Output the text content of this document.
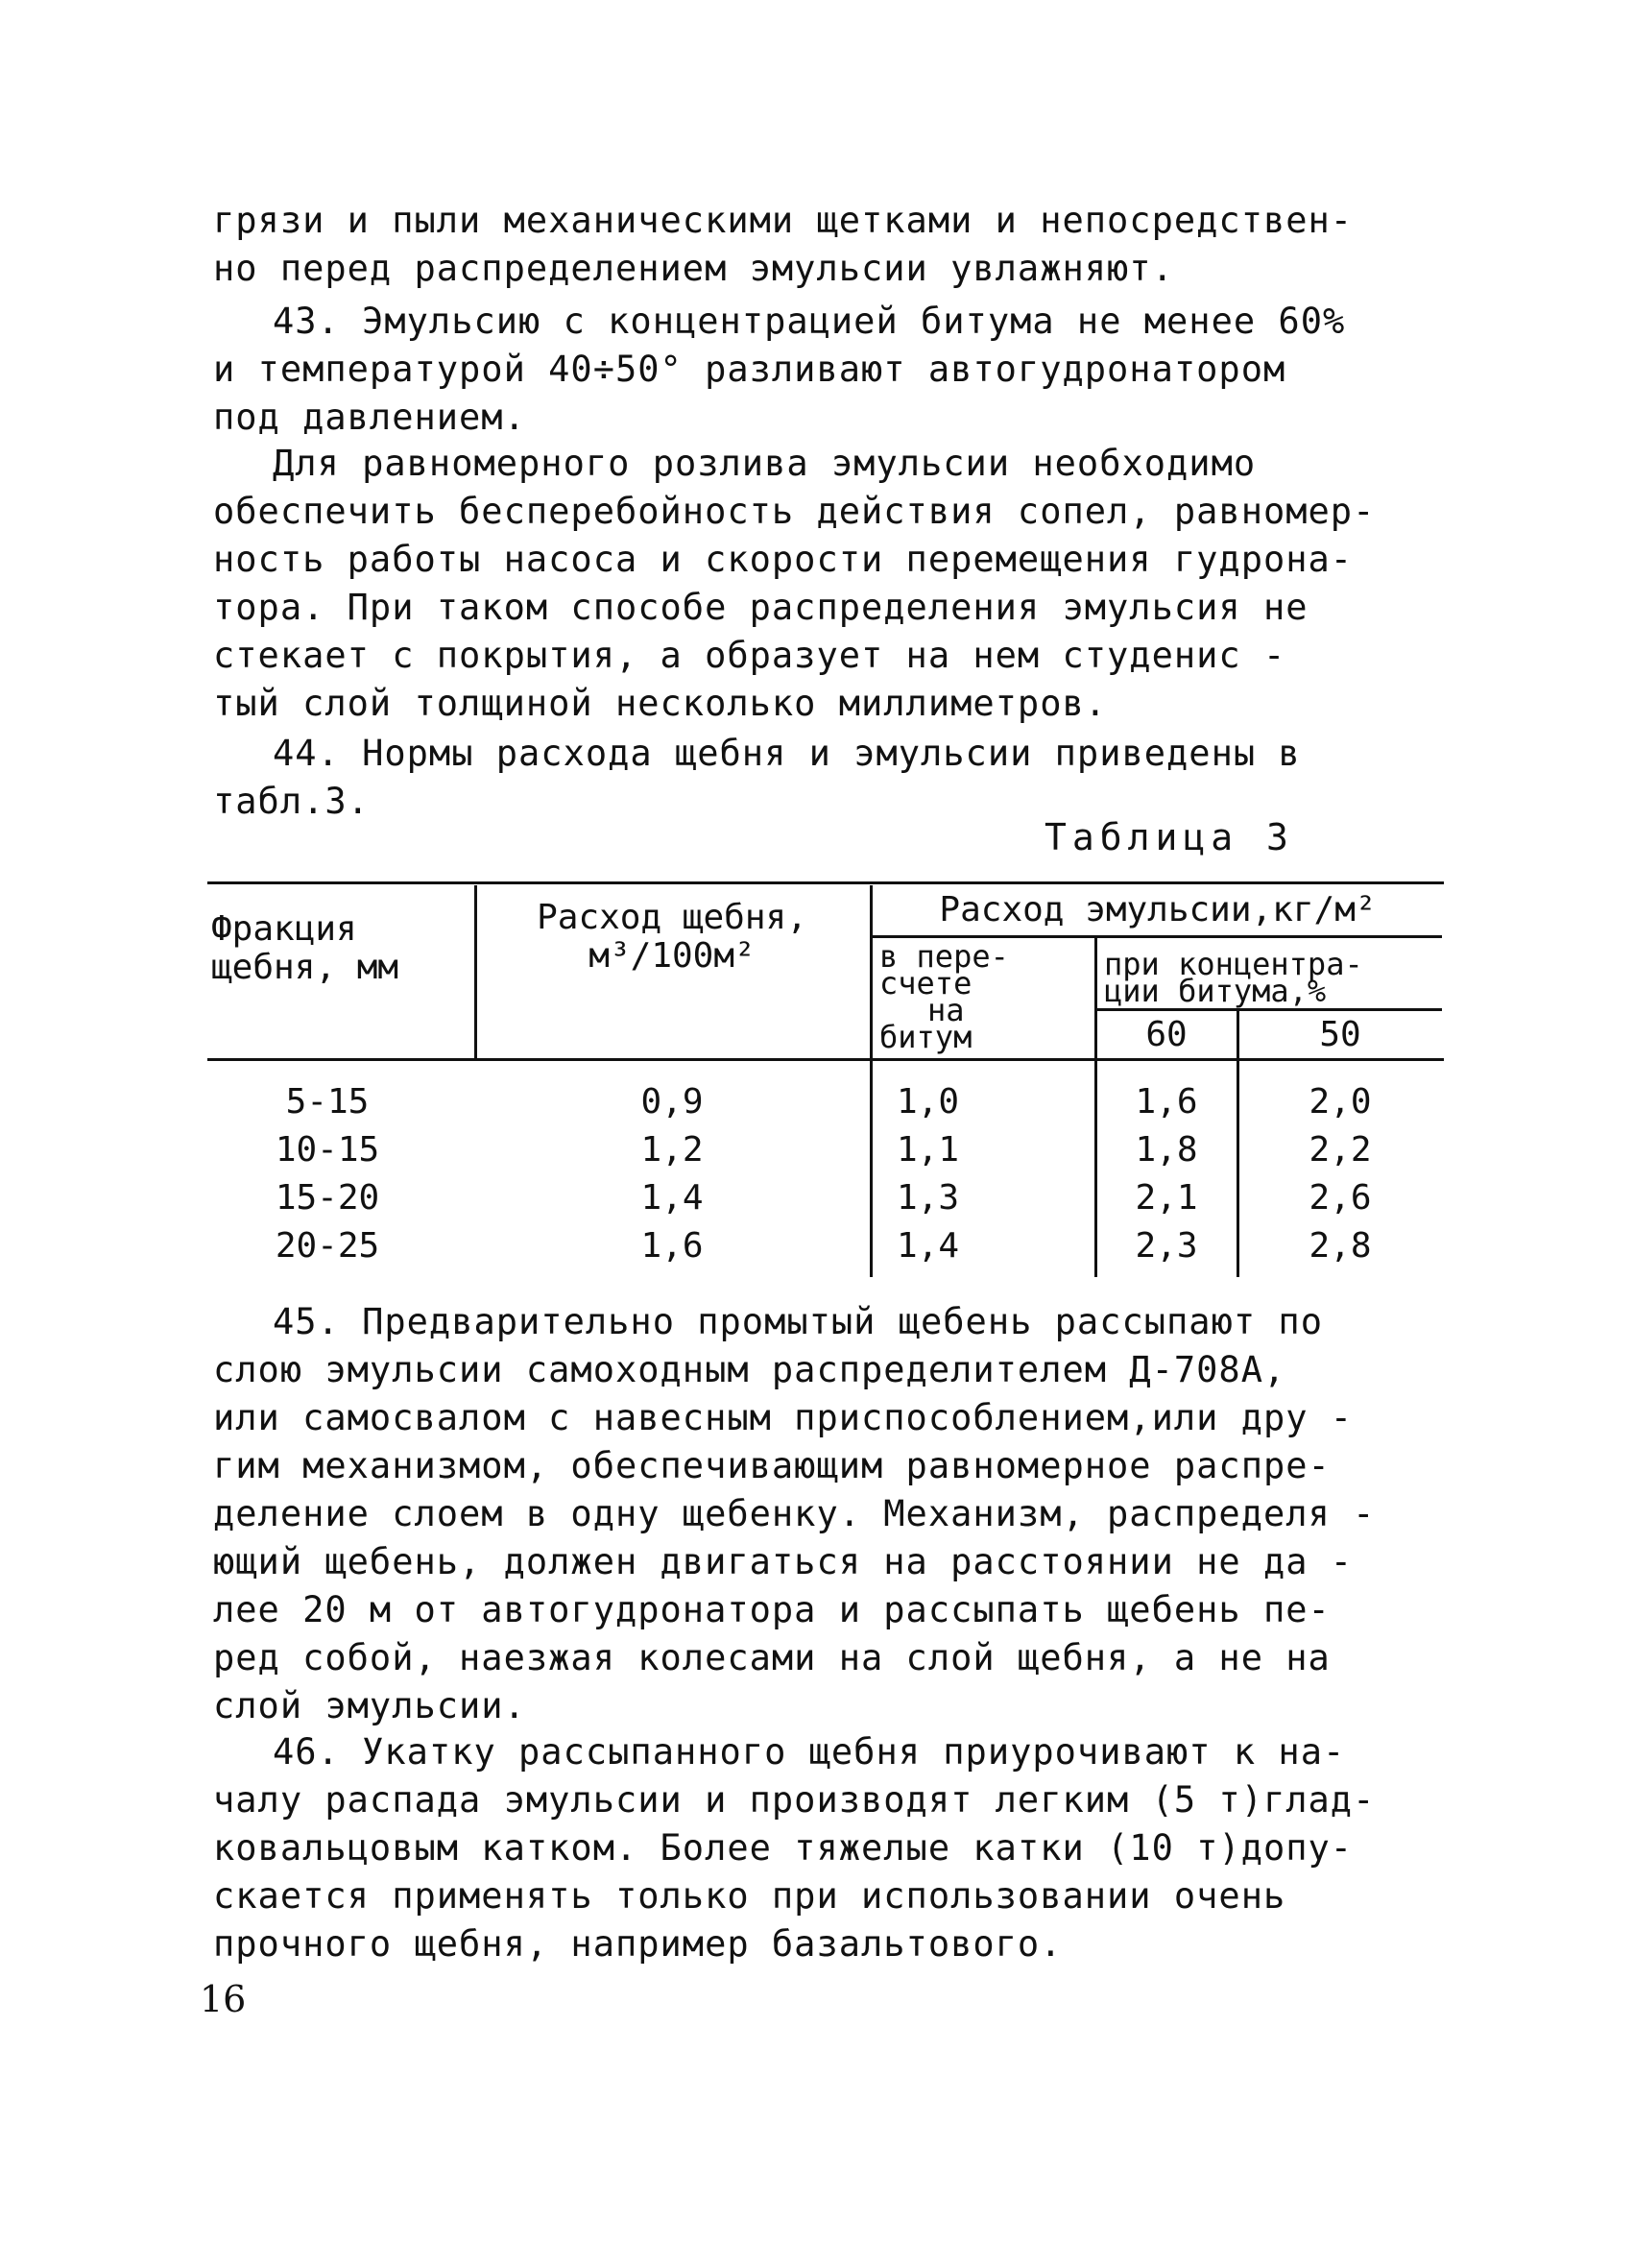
грязи и пыли механическими щетками и непосредствен-
но перед распределением эмульсии увлажняют.
43. Эмульсию с концентрацией битума не менее 60%
и температурой 40÷50° разливают автогудронатором
под давлением.
Для равномерного розлива эмульсии необходимо
обеспечить бесперебойность действия сопел, равномер-
ность работы насоса и скорости перемещения гудрона-
тора. При таком способе распределения эмульсия не
стекает с покрытия, а образует на нем студенис -
тый слой толщиной несколько миллиметров.
44. Нормы расхода щебня и эмульсии приведены в
табл.3.
Таблица 3
Фракция
щебня, мм
Расход щебня,
м³/100м²
Расход эмульсии,кг/м²
в пере-
счете
на
битум
при концентра-
ции битума,%
60	50
5-15	0,9	1,0	1,6	2,0
10-15	1,2	1,1	1,8	2,2
15-20	1,4	1,3	2,1	2,6
20-25	1,6	1,4	2,3	2,8
45. Предварительно промытый щебень рассыпают по
слою эмульсии самоходным распределителем Д-708А,
или самосвалом с навесным приспособлением,или дру -
гим механизмом, обеспечивающим равномерное распре-
деление слоем в одну щебенку. Механизм, распределя -
ющий щебень, должен двигаться на расстоянии не да -
лее 20 м от автогудронатора и рассыпать щебень пе-
ред собой, наезжая колесами на слой щебня, а не на
слой эмульсии.
46. Укатку рассыпанного щебня приурочивают к на-
чалу распада эмульсии и производят легким (5 т)глад-
ковальцовым катком. Более тяжелые катки (10 т)допу-
скается применять только при использовании очень
прочного щебня, например базальтового.
16
